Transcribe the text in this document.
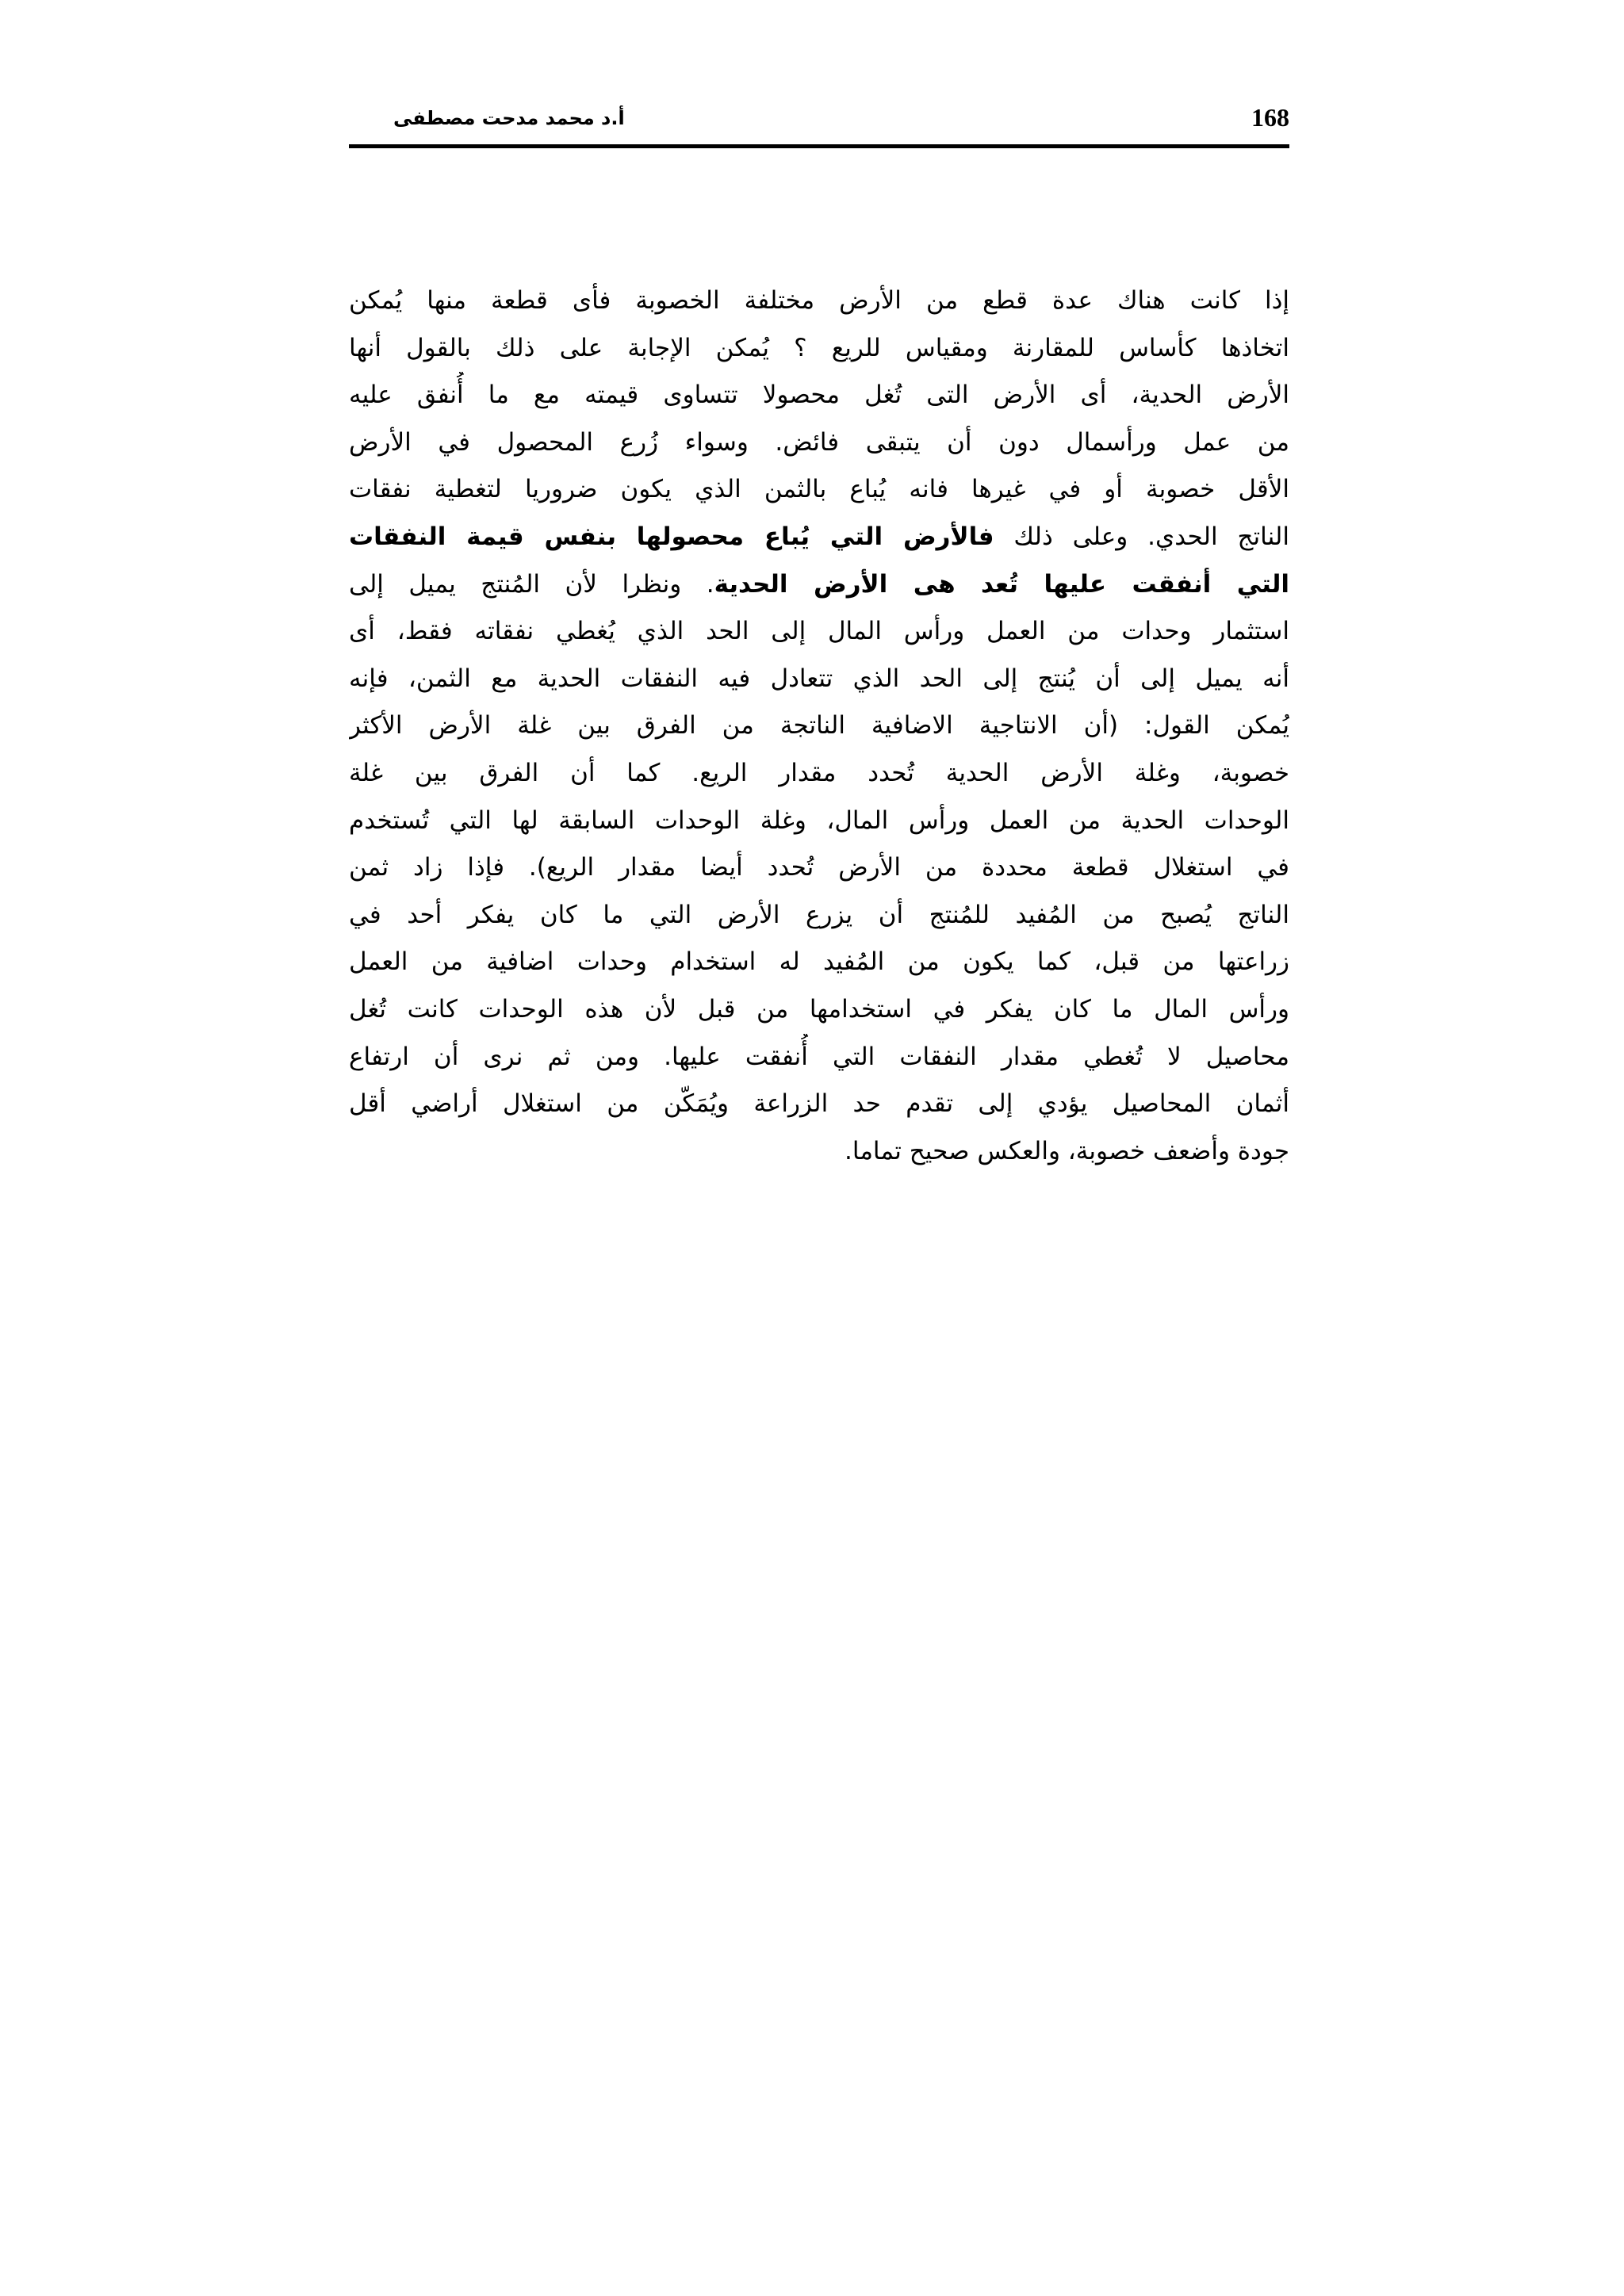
168
أ.د محمد مدحت مصطفى
إذا كانت هناك عدة قطع من الأرض مختلفة الخصوبة فأى قطعة منها يُمكن
اتخاذها كأساس للمقارنة ومقياس للريع ؟ يُمكن الإجابة على ذلك بالقول أنها
الأرض الحدية، أى الأرض التى تُغل محصولا تتساوى قيمته مع ما أُنفق عليه
من عمل ورأسمال دون أن يتبقى فائض. وسواء زُرع المحصول في الأرض
الأقل خصوبة أو في غيرها فانه يُباع بالثمن الذي يكون ضروريا لتغطية نفقات
الناتج الحدي. وعلى ذلك فالأرض التي يُباع محصولها بنفس قيمة النفقات
التي أنفقت عليها تُعد هى الأرض الحدية. ونظرا لأن المُنتج يميل إلى
استثمار وحدات من العمل ورأس المال إلى الحد الذي يُغطي نفقاته فقط، أى
أنه يميل إلى أن يُنتج إلى الحد الذي تتعادل فيه النفقات الحدية مع الثمن، فإنه
يُمكن القول: (أن الانتاجية الاضافية الناتجة من الفرق بين غلة الأرض الأكثر
خصوبة، وغلة الأرض الحدية تُحدد مقدار الريع. كما أن الفرق بين غلة
الوحدات الحدية من العمل ورأس المال، وغلة الوحدات السابقة لها التي تُستخدم
في استغلال قطعة محددة من الأرض تُحدد أيضا مقدار الريع). فإذا زاد ثمن
الناتج يُصبح من المُفيد للمُنتج أن يزرع الأرض التي ما كان يفكر أحد في
زراعتها من قبل، كما يكون من المُفيد له استخدام وحدات اضافية من العمل
ورأس المال ما كان يفكر في استخدامها من قبل لأن هذه الوحدات كانت تُغل
محاصيل لا تُغطي مقدار النفقات التي أُنفقت عليها. ومن ثم نرى أن ارتفاع
أثمان المحاصيل يؤدي إلى تقدم حد الزراعة ويُمَكّن من استغلال أراضي أقل
جودة وأضعف خصوبة، والعكس صحيح تماما.
